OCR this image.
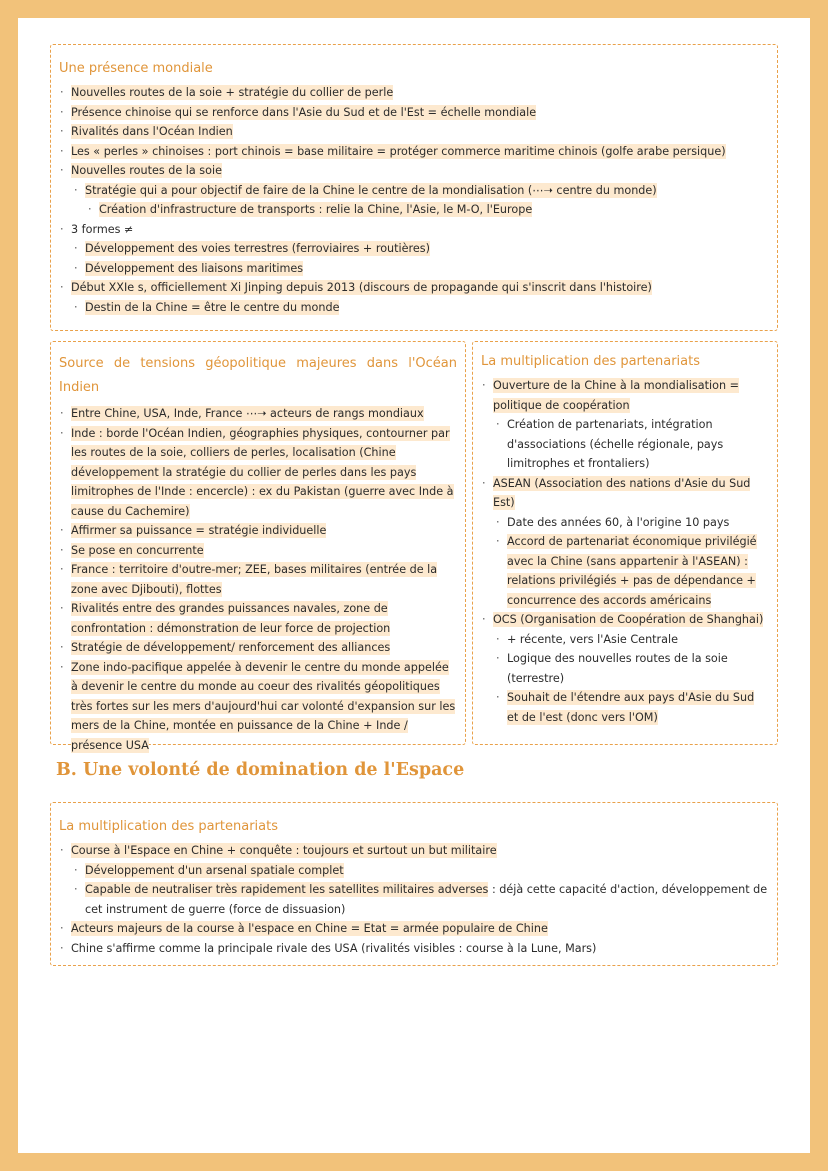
Une présence mondiale
· Nouvelles routes de la soie + stratégie du collier de perle
· Présence chinoise qui se renforce dans l'Asie du Sud et de l'Est = échelle mondiale
· Rivalités dans l'Océan Indien
· Les « perles » chinoises : port chinois = base militaire = protéger commerce maritime chinois (golfe arabe persique)
· Nouvelles routes de la soie
· Stratégie qui a pour objectif de faire de la Chine le centre de la mondialisation (⋯➝ centre du monde)
· Création d'infrastructure de transports : relie la Chine, l'Asie, le M-O, l'Europe
· 3 formes ≠
· Développement des voies terrestres (ferroviaires + routières)
· Développement des liaisons maritimes
· Début XXIe s, officiellement Xi Jinping depuis 2013 (discours de propagande qui s'inscrit dans l'histoire)
· Destin de la Chine = être le centre du monde
Source de tensions géopolitique majeures dans l'Océan Indien
· Entre Chine, USA, Inde, France ⋯➝ acteurs de rangs mondiaux
· Inde : borde l'Océan Indien, géographies physiques, contourner par les routes de la soie, colliers de perles, localisation (Chine développement la stratégie du collier de perles dans les pays limitrophes de l'Inde : encercle) : ex du Pakistan (guerre avec Inde à cause du Cachemire)
· Affirmer sa puissance = stratégie individuelle
· Se pose en concurrente
· France : territoire d'outre-mer; ZEE, bases militaires (entrée de la zone avec Djibouti), flottes
· Rivalités entre des grandes puissances navales, zone de confrontation : démonstration de leur force de projection
· Stratégie de développement/ renforcement des alliances
· Zone indo-pacifique appelée à devenir le centre du monde appelée à devenir le centre du monde au coeur des rivalités géopolitiques très fortes sur les mers d'aujourd'hui car volonté d'expansion sur les mers de la Chine, montée en puissance de la Chine + Inde / présence USA
La multiplication des partenariats
· Ouverture de la Chine à la mondialisation = politique de coopération
· Création de partenariats, intégration d'associations (échelle régionale, pays limitrophes et frontaliers)
· ASEAN (Association des nations d'Asie du Sud Est)
· Date des années 60, à l'origine 10 pays
· Accord de partenariat économique privilégié avec la Chine (sans appartenir à l'ASEAN) : relations privilégiés + pas de dépendance + concurrence des accords américains
· OCS (Organisation de Coopération de Shanghai)
· + récente, vers l'Asie Centrale
· Logique des nouvelles routes de la soie (terrestre)
· Souhait de l'étendre aux pays d'Asie du Sud et de l'est (donc vers l'OM)
B. Une volonté de domination de l'Espace
La multiplication des partenariats
· Course à l'Espace en Chine + conquête : toujours et surtout un but militaire
· Développement d'un arsenal spatiale complet
· Capable de neutraliser très rapidement les satellites militaires adverses : déjà cette capacité d'action, développement de cet instrument de guerre (force de dissuasion)
· Acteurs majeurs de la course à l'espace en Chine = Etat = armée populaire de Chine
· Chine s'affirme comme la principale rivale des USA (rivalités visibles : course à la Lune, Mars)
